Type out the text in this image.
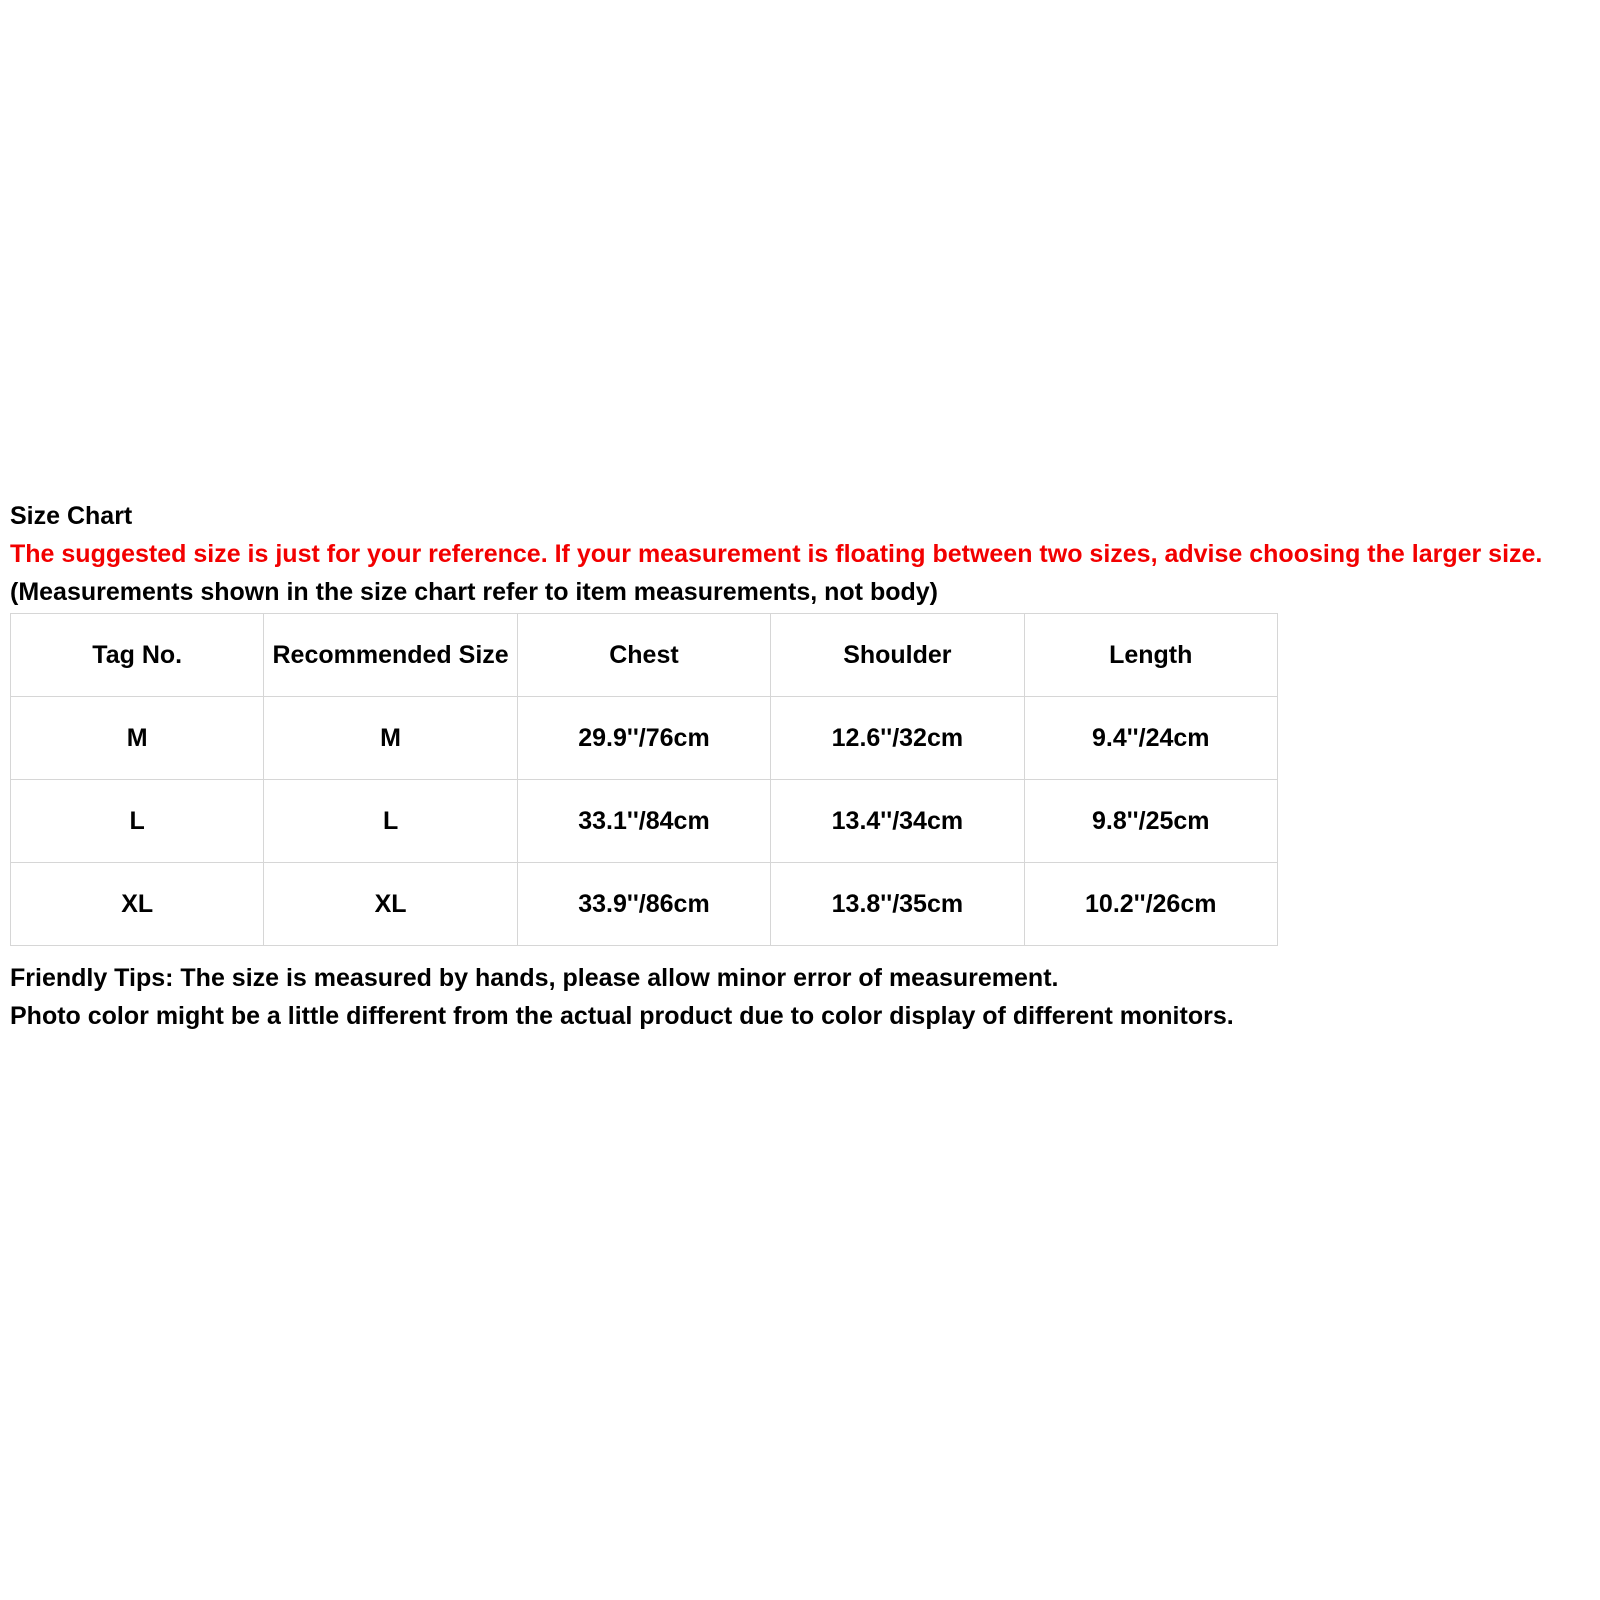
Size Chart
The suggested size is just for your reference. If your measurement is floating between two sizes, advise choosing the larger size.
(Measurements shown in the size chart refer to item measurements, not body)
Tag No.	Recommended Size	Chest	Shoulder	Length
M	M	29.9''/76cm	12.6''/32cm	9.4''/24cm
L	L	33.1''/84cm	13.4''/34cm	9.8''/25cm
XL	XL	33.9''/86cm	13.8''/35cm	10.2''/26cm
Friendly Tips: The size is measured by hands, please allow minor error of measurement.
Photo color might be a little different from the actual product due to color display of different monitors.
